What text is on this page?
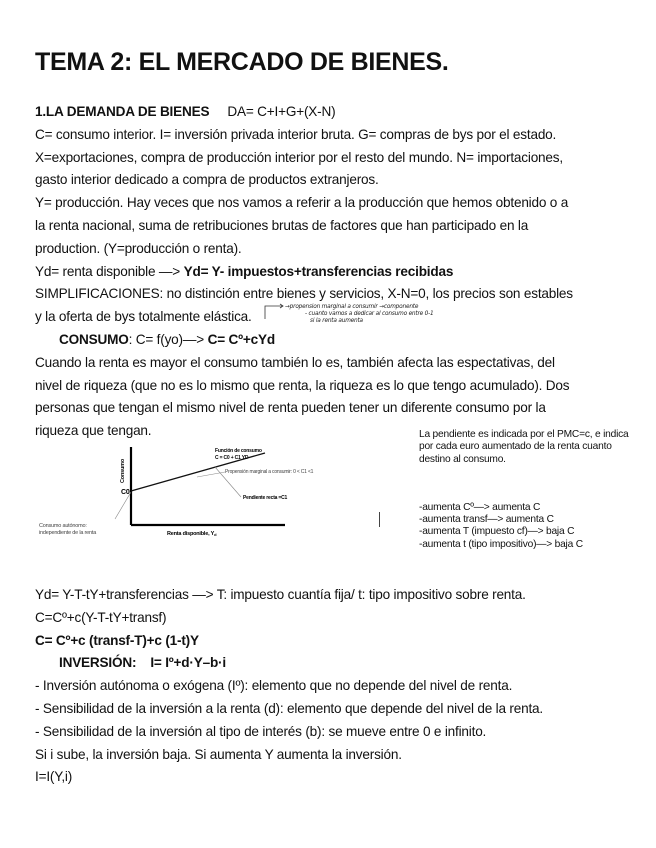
TEMA 2: EL MERCADO DE BIENES.

1.LA DEMANDA DE BIENES DA= C+I+G+(X-N)

C= consumo interior. I= inversión privada interior bruta. G= compras de bys por el estado.

X=exportaciones, compra de producción interior por el resto del mundo. N= importaciones,

gasto interior dedicado a compra de productos extranjeros.

Y= producción. Hay veces que nos vamos a referir a la producción que hemos obtenido o a

la renta nacional, suma de retribuciones brutas de factores que han participado en la

production. (Y=producción o renta).

Yd= renta disponible —> Yd= Y- impuestos+transferencias recibidas

SIMPLIFICACIONES: no distinción entre bienes y servicios, X-N=0, los precios son estables

y la oferta de bys totalmente elástica.
→propension marginal a consumir →componente
- cuanto vamos a dedicar al consumo entre 0-1
si la renta aumenta

CONSUMO: C= f(yo)—> C= Cº+cYd

Cuando la renta es mayor el consumo también lo es, también afecta las espectativas, del

nivel de riqueza (que no es lo mismo que renta, la riqueza es lo que tengo acumulado). Dos

personas que tengan el mismo nivel de renta pueden tener un diferente consumo por la

riqueza que tengan.

Consumo
Renta disponible, Yd
C0
Función de consumo
C = C0 + C1 YD
Propensión marginal a consumir: 0 < C1 <1
Pendiente recta =C1
Consumo autónomo:
independiente de la renta
La pendiente es indicada por el PMC=c, e indica por cada euro aumentado de la renta cuanto destino al consumo.
-aumenta Cº—> aumenta C
-aumenta transf—> aumenta C
-aumenta T (impuesto cf)—> baja C
-aumenta t (tipo impositivo)—> baja C

Yd= Y-T-tY+transferencias —> T: impuesto cuantía fija/ t: tipo impositivo sobre renta.

C=Cº+c(Y-T-tY+transf)

C= Cº+c (transf-T)+c (1-t)Y

INVERSIÓN: I= Iº+d·Y–b·i

- Inversión autónoma o exógena (Iº): elemento que no depende del nivel de renta.

- Sensibilidad de la inversión a la renta (d): elemento que depende del nivel de la renta.

- Sensibilidad de la inversión al tipo de interés (b): se mueve entre 0 e infinito.

Si i sube, la inversión baja. Si aumenta Y aumenta la inversión.

I=I(Y,i)
